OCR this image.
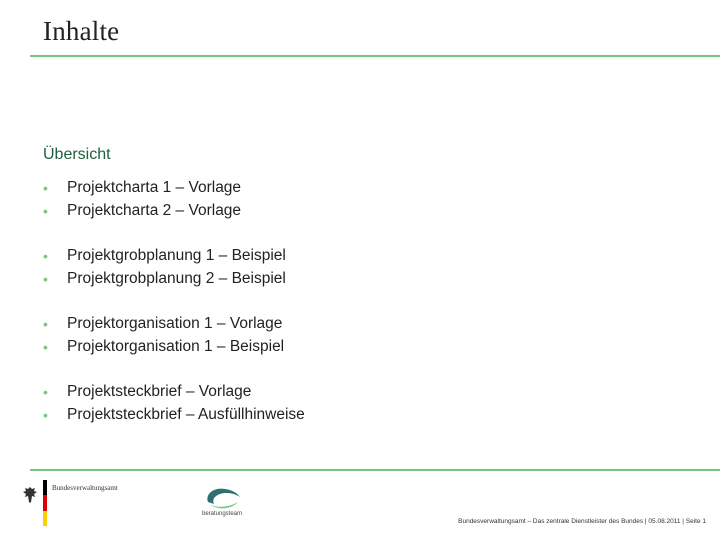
Inhalte
Übersicht
•	Projektcharta 1 – Vorlage
•	Projektcharta 2 – Vorlage
•	Projektgrobplanung 1 – Beispiel
•	Projektgrobplanung 2 – Beispiel
•	Projektorganisation 1 – Vorlage
•	Projektorganisation 1 – Beispiel
•	Projektsteckbrief – Vorlage
•	Projektsteckbrief – Ausfüllhinweise
Bundesverwaltungsamt
beratungsteam
Bundesverwaltungsamt – Das zentrale Dienstleister des Bundes | 05.08.2011 | Seite 1
